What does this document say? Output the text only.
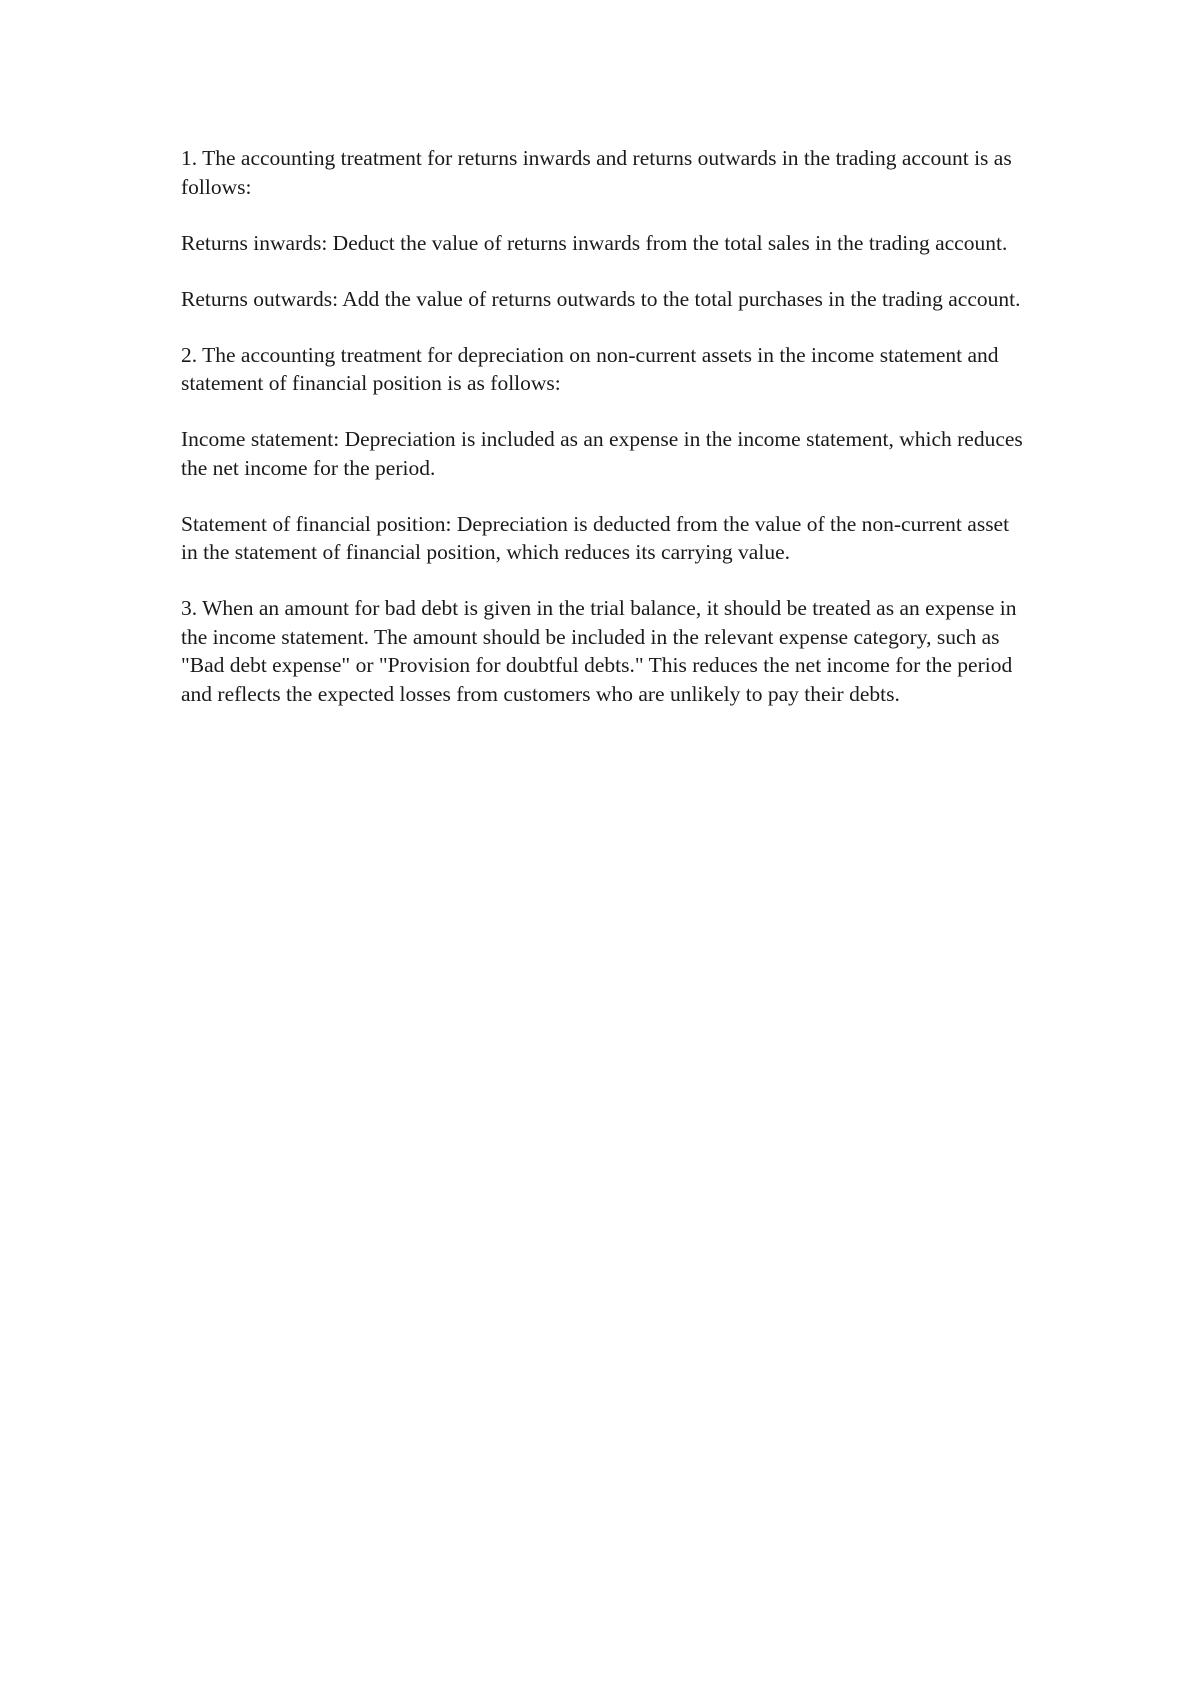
1. The accounting treatment for returns inwards and returns outwards in the trading account is as follows:

Returns inwards: Deduct the value of returns inwards from the total sales in the trading account.

Returns outwards: Add the value of returns outwards to the total purchases in the trading account.

2. The accounting treatment for depreciation on non-current assets in the income statement and statement of financial position is as follows:

Income statement: Depreciation is included as an expense in the income statement, which reduces the net income for the period.

Statement of financial position: Depreciation is deducted from the value of the non-current asset in the statement of financial position, which reduces its carrying value.

3. When an amount for bad debt is given in the trial balance, it should be treated as an expense in the income statement. The amount should be included in the relevant expense category, such as "Bad debt expense" or "Provision for doubtful debts." This reduces the net income for the period and reflects the expected losses from customers who are unlikely to pay their debts.
